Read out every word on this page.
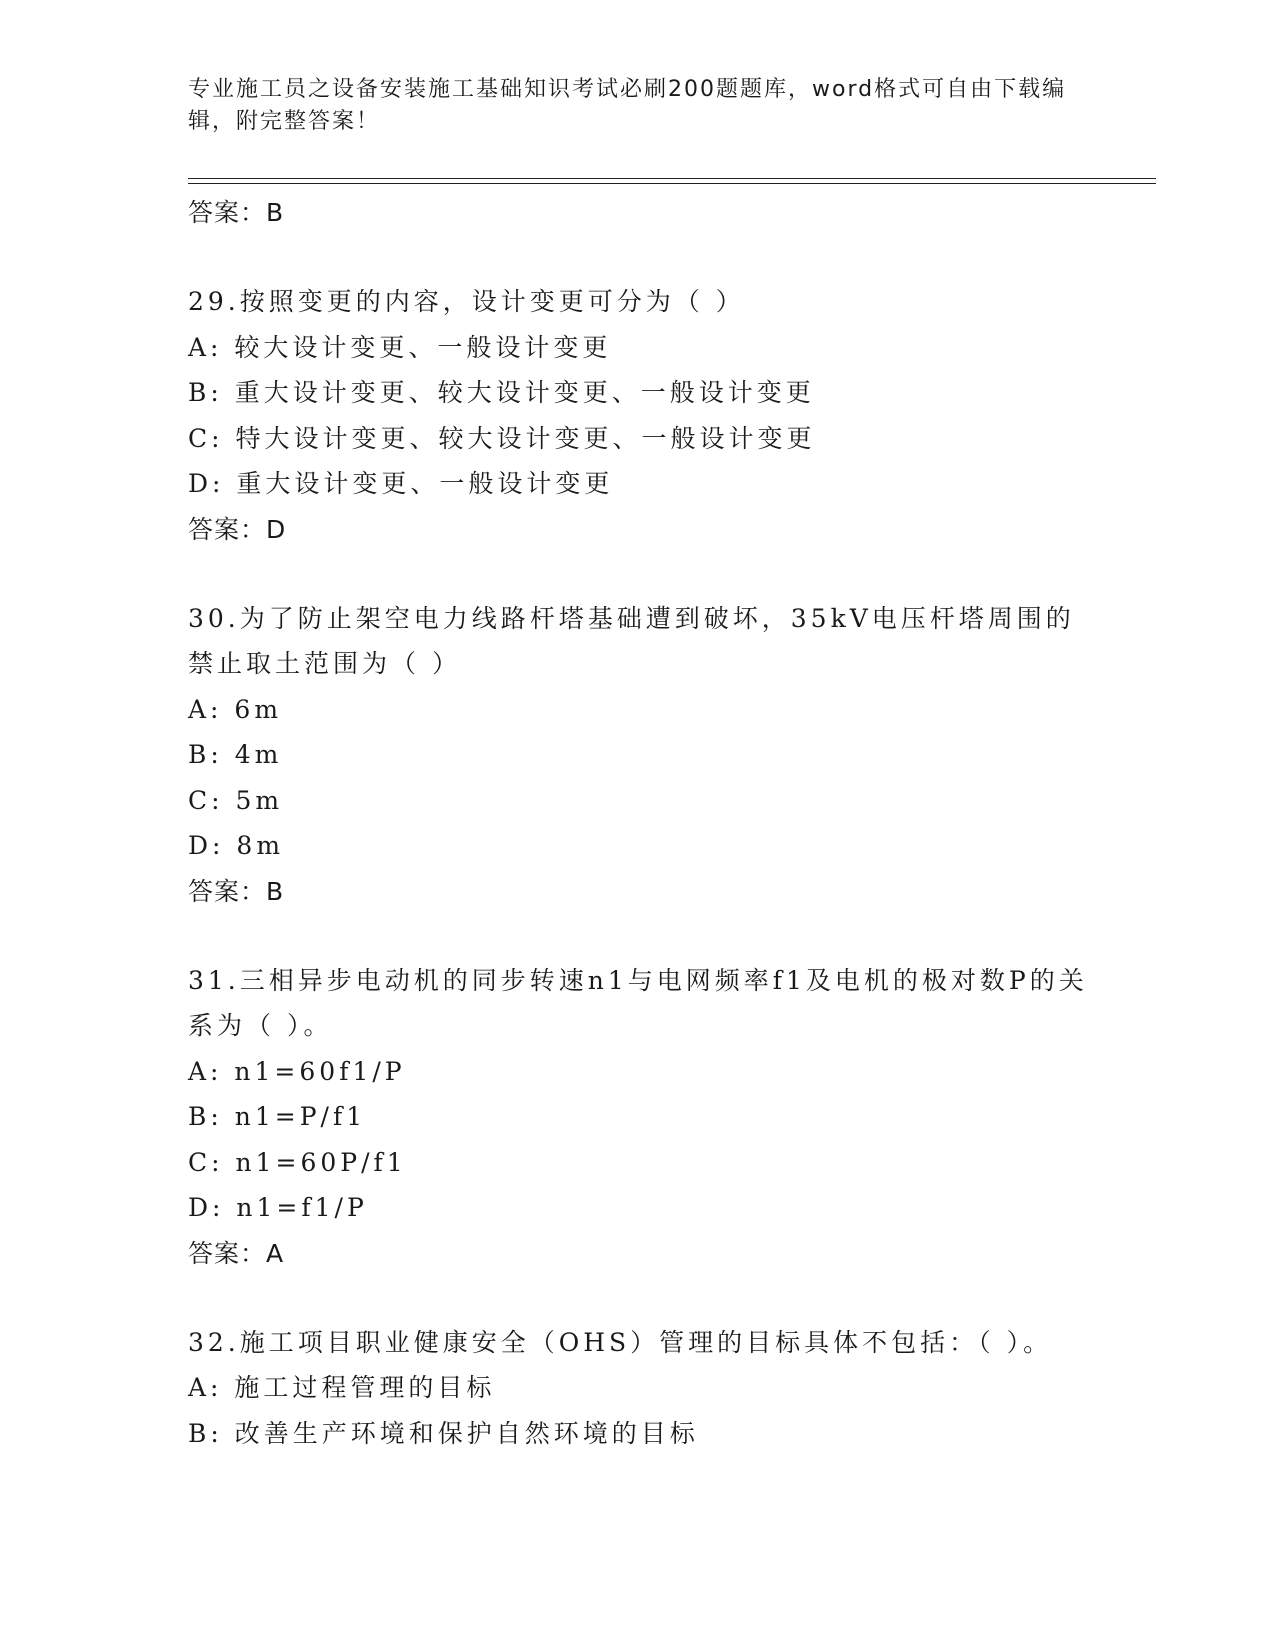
专业施工员之设备安装施工基础知识考试必刷200题题库，word格式可自由下载编辑，附完整答案！
答案：B
29.按照变更的内容，设计变更可分为（ ）
A: 较大设计变更、一般设计变更
B: 重大设计变更、较大设计变更、一般设计变更
C: 特大设计变更、较大设计变更、一般设计变更
D: 重大设计变更、一般设计变更
答案：D
30.为了防止架空电力线路杆塔基础遭到破坏，35kV电压杆塔周围的禁止取土范围为（ ）
A: 6m
B: 4m
C: 5m
D: 8m
答案：B
31.三相异步电动机的同步转速n1与电网频率f1及电机的极对数P的关系为（ ）。
A: n1=60f1/P
B: n1=P/f1
C: n1=60P/f1
D: n1=f1/P
答案：A
32.施工项目职业健康安全（OHS）管理的目标具体不包括：（ ）。
A: 施工过程管理的目标
B: 改善生产环境和保护自然环境的目标
